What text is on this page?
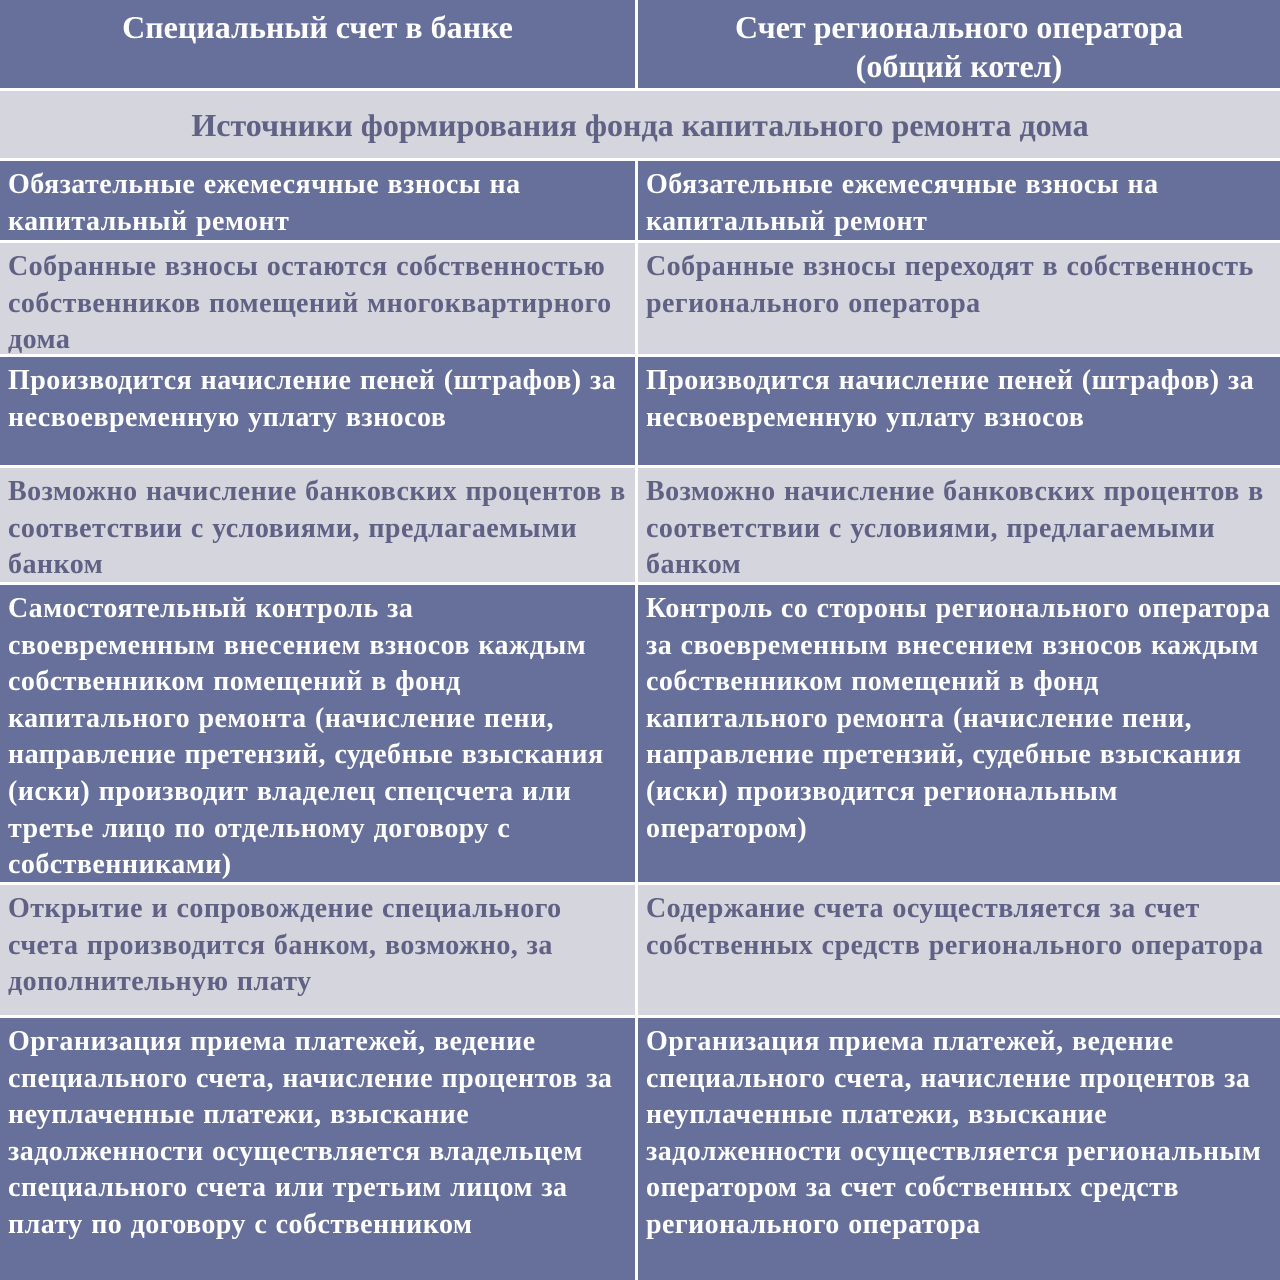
Специальный счет в банке	Счет регионального оператора (общий котел)
Источники формирования фонда капитального ремонта дома
Обязательные ежемесячные взносы на капитальный ремонт
Обязательные ежемесячные взносы на капитальный ремонт
Собранные взносы остаются собственностью собственников помещений многоквартирного дома
Собранные взносы переходят в собственность регионального оператора
Производится начисление пеней (штрафов) за несвоевременную уплату взносов
Производится начисление пеней (штрафов) за несвоевременную уплату взносов
Возможно начисление банковских процентов в соответствии с условиями, предлагаемыми банком
Возможно начисление банковских процентов в соответствии с условиями, предлагаемыми банком
Самостоятельный контроль за своевременным внесением взносов каждым собственником помещений в фонд капитального ремонта (начисление пени, направление претензий, судебные взыскания (иски) производит владелец спецсчета или третье лицо по отдельному договору с собственниками)
Контроль со стороны регионального оператора за своевременным внесением взносов каждым собственником помещений в фонд капитального ремонта (начисление пени, направление претензий, судебные взыскания (иски) производится региональным оператором)
Открытие и сопровождение специального счета производится банком, возможно, за дополнительную плату
Содержание счета осуществляется за счет собственных средств регионального оператора
Организация приема платежей, ведение специального счета, начисление процентов за неуплаченные платежи, взыскание задолженности осуществляется владельцем специального счета или третьим лицом за плату по договору с собственником
Организация приема платежей, ведение специального счета, начисление процентов за неуплаченные платежи, взыскание задолженности осуществляется региональным оператором за счет собственных средств регионального оператора
